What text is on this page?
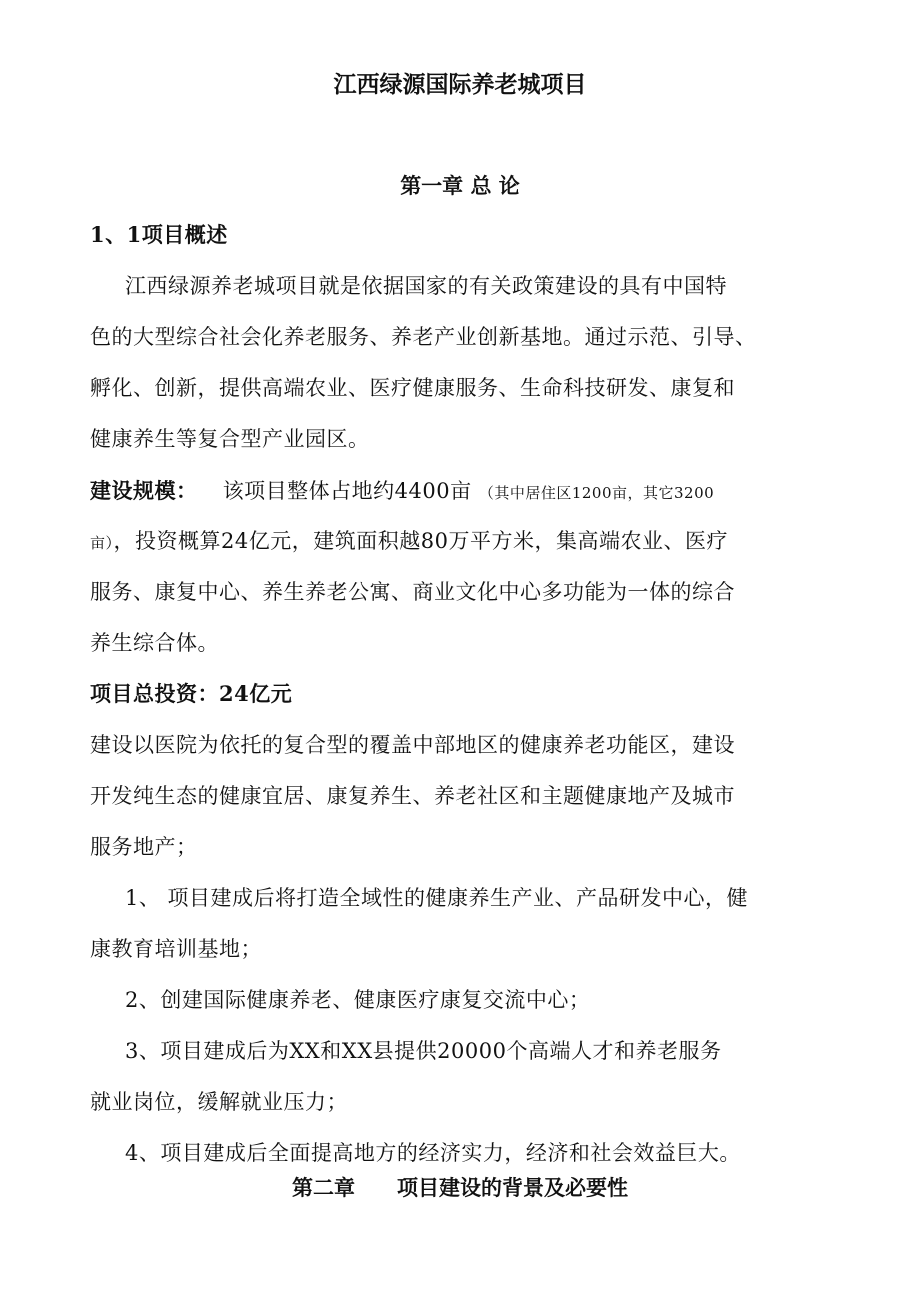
江西绿源国际养老城项目
第一章 总 论
1、1项目概述
江西绿源养老城项目就是依据国家的有关政策建设的具有中国特
色的大型综合社会化养老服务、养老产业创新基地。通过示范、引导、
孵化、创新，提供高端农业、医疗健康服务、生命科技研发、康复和
健康养生等复合型产业园区。
建设规模： 该项目整体占地约4400亩 （其中居住区1200亩，其它3200
亩），投资概算24亿元，建筑面积越80万平方米，集高端农业、医疗
服务、康复中心、养生养老公寓、商业文化中心多功能为一体的综合
养生综合体。
项目总投资：24亿元
建设以医院为依托的复合型的覆盖中部地区的健康养老功能区，建设
开发纯生态的健康宜居、康复养生、养老社区和主题健康地产及城市
服务地产；
1、 项目建成后将打造全域性的健康养生产业、产品研发中心，健
康教育培训基地；
2、创建国际健康养老、健康医疗康复交流中心；
3、项目建成后为XX和XX县提供20000个高端人才和养老服务
就业岗位，缓解就业压力；
4、项目建成后全面提高地方的经济实力，经济和社会效益巨大。
第二章　　项目建设的背景及必要性
